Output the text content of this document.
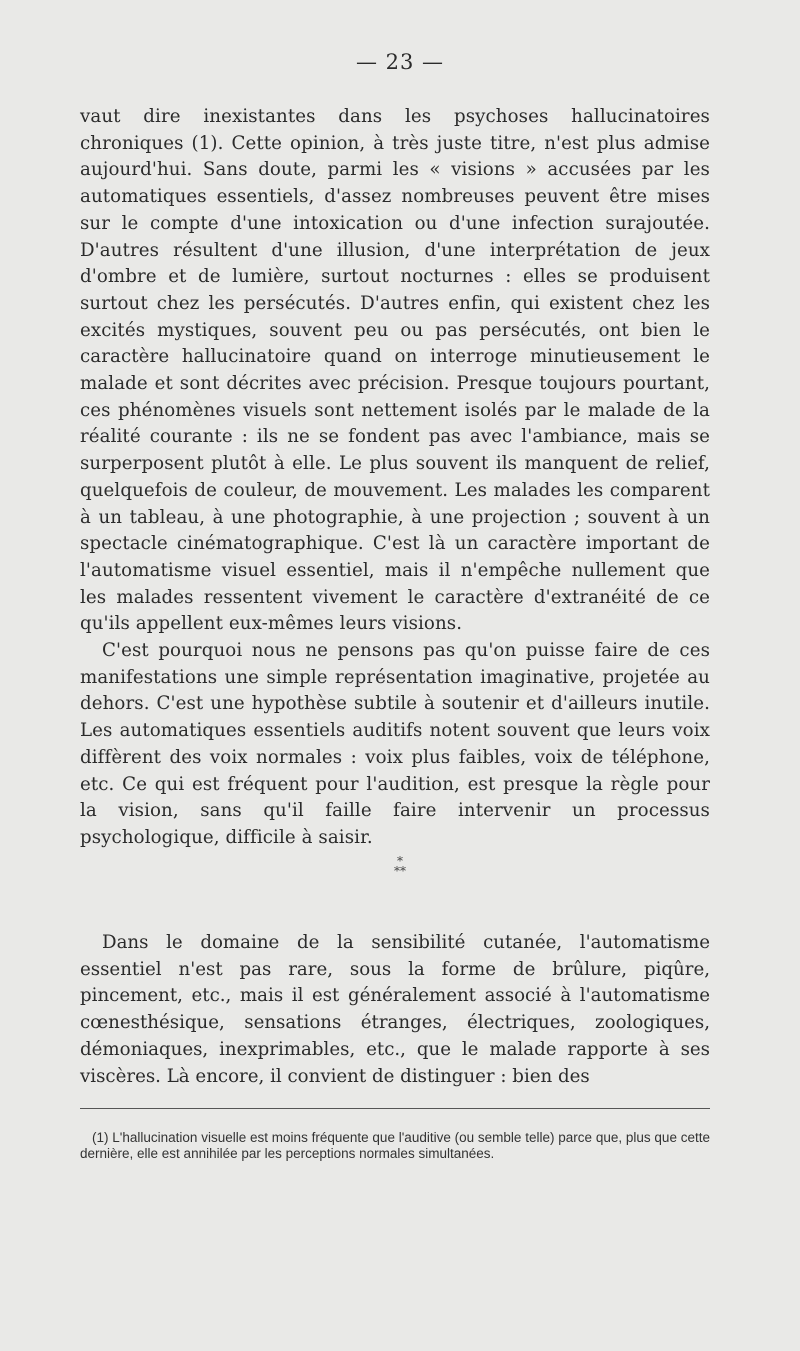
— 23 —

vaut dire inexistantes dans les psychoses hallucinatoires chroniques (1). Cette opinion, à très juste titre, n'est plus admise aujourd'hui. Sans doute, parmi les « visions » accusées par les automatiques essentiels, d'assez nombreuses peuvent être mises sur le compte d'une intoxication ou d'une infection surajoutée. D'autres résultent d'une illusion, d'une interprétation de jeux d'ombre et de lumière, surtout nocturnes : elles se produisent surtout chez les persécutés. D'autres enfin, qui existent chez les excités mystiques, souvent peu ou pas persécutés, ont bien le caractère hallucinatoire quand on interroge minutieusement le malade et sont décrites avec précision. Presque toujours pourtant, ces phénomènes visuels sont nettement isolés par le malade de la réalité courante : ils ne se fondent pas avec l'ambiance, mais se surperposent plutôt à elle. Le plus souvent ils manquent de relief, quelquefois de couleur, de mouvement. Les malades les comparent à un tableau, à une photographie, à une projection ; souvent à un spectacle cinématographique. C'est là un caractère important de l'automatisme visuel essentiel, mais il n'empêche nullement que les malades ressentent vivement le caractère d'extranéité de ce qu'ils appellent eux-mêmes leurs visions.

C'est pourquoi nous ne pensons pas qu'on puisse faire de ces manifestations une simple représentation imaginative, projetée au dehors. C'est une hypothèse subtile à soutenir et d'ailleurs inutile. Les automatiques essentiels auditifs notent souvent que leurs voix diffèrent des voix normales : voix plus faibles, voix de téléphone, etc. Ce qui est fréquent pour l'audition, est presque la règle pour la vision, sans qu'il faille faire intervenir un processus psychologique, difficile à saisir.

*
**

Dans le domaine de la sensibilité cutanée, l'automatisme essentiel n'est pas rare, sous la forme de brûlure, piqûre, pincement, etc., mais il est généralement associé à l'automatisme cœnesthésique, sensations étranges, électriques, zoologiques, démoniaques, inexprimables, etc., que le malade rapporte à ses viscères. Là encore, il convient de distinguer : bien des

(1) L'hallucination visuelle est moins fréquente que l'auditive (ou semble telle) parce que, plus que cette dernière, elle est annihilée par les perceptions normales simultanées.
